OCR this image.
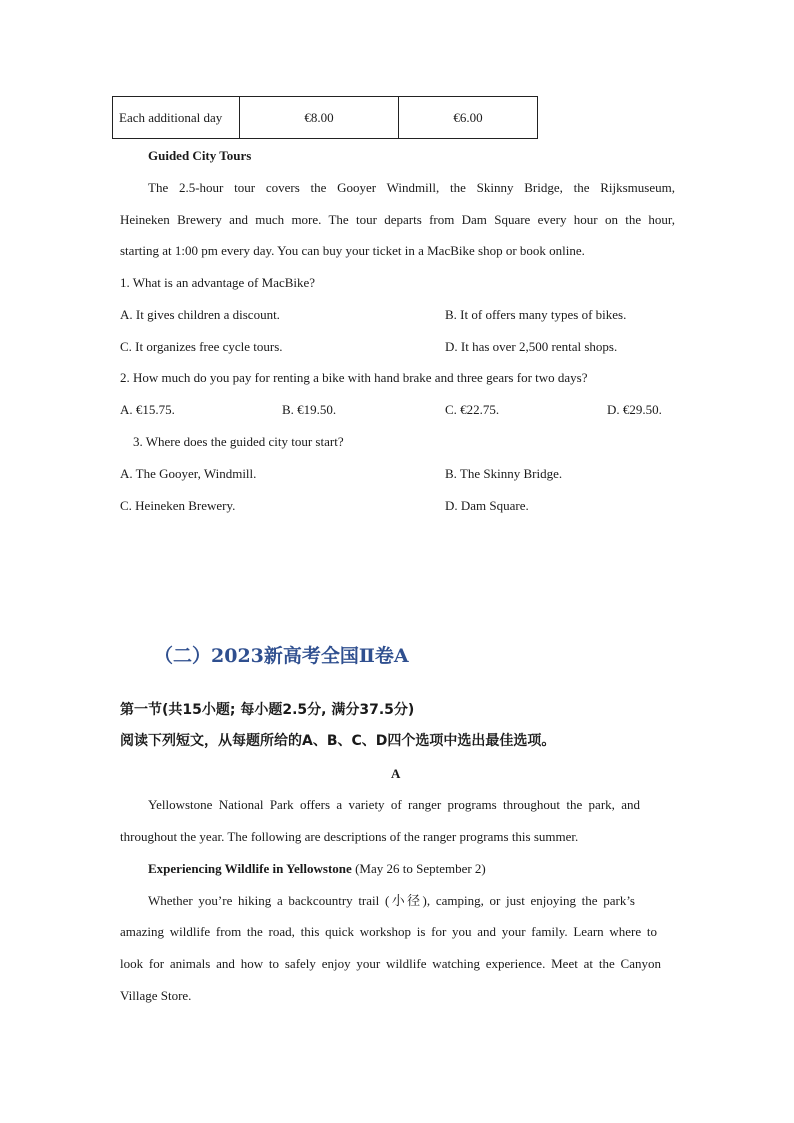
Each additional day	€8.00	€6.00
Guided City Tours
The 2.5-hour tour covers the Gooyer Windmill, the Skinny Bridge, the Rijksmuseum,
Heineken Brewery and much more. The tour departs from Dam Square every hour on the hour,
starting at 1:00 pm every day. You can buy your ticket in a MacBike shop or book online.
1. What is an advantage of MacBike?
A. It gives children a discount.	B. It of offers many types of bikes.
C. It organizes free cycle tours.	D. It has over 2,500 rental shops.
2. How much do you pay for renting a bike with hand brake and three gears for two days?
A. €15.75.	B. €19.50.	C. €22.75.	D. €29.50.
3. Where does the guided city tour start?
A. The Gooyer, Windmill.	B. The Skinny Bridge.
C. Heineken Brewery.	D. Dam Square.
（二）2023新高考全国Ⅱ卷A
第一节(共15小题; 每小题2.5分, 满分37.5分)
阅读下列短文，从每题所给的A、B、C、D四个选项中选出最佳选项。
A
Yellowstone National Park offers a variety of ranger programs throughout the park, and
throughout the year. The following are descriptions of the ranger programs this summer.
Experiencing Wildlife in Yellowstone (May 26 to September 2)
Whether you’re hiking a backcountry trail (小径), camping, or just enjoying the park’s
amazing wildlife from the road, this quick workshop is for you and your family. Learn where to
look for animals and how to safely enjoy your wildlife watching experience. Meet at the Canyon
Village Store.
